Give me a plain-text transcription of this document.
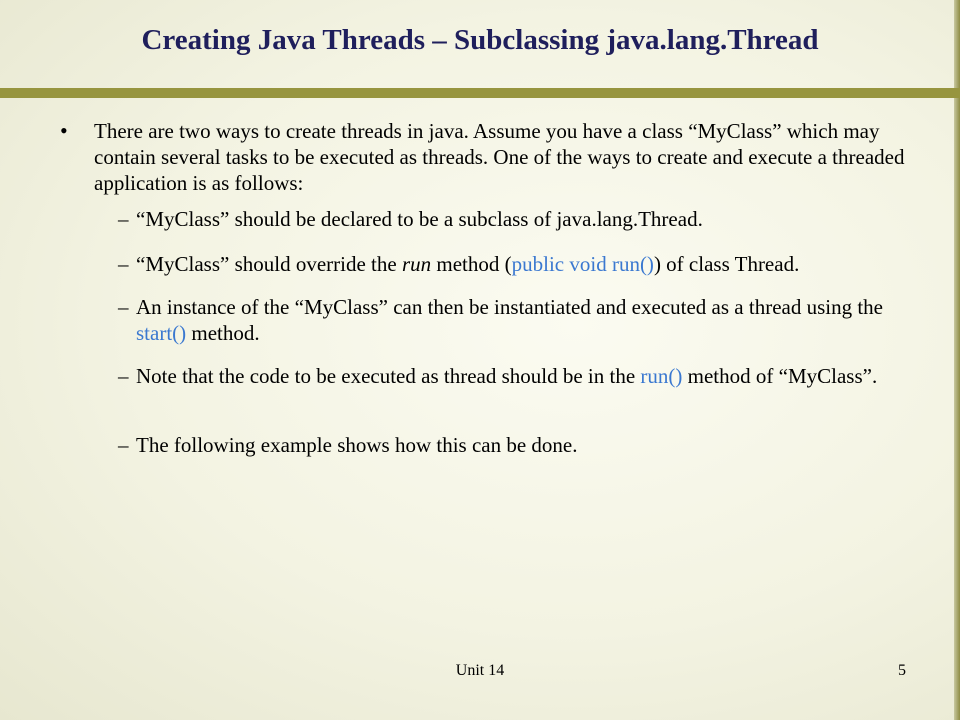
Creating Java Threads – Subclassing java.lang.Thread
•	There are two ways to create threads in java. Assume you have a class “MyClass” which may contain several tasks to be executed as threads. One of the ways to create and execute a threaded application is as follows:

– “MyClass” should be declared to be a subclass of java.lang.Thread.
– “MyClass” should override the run method (public void run()) of class Thread.
– An instance of the “MyClass” can then be instantiated and executed as a thread using the start() method.
– Note that the code to be executed as thread should be in the run() method of “MyClass”.
– The following example shows how this can be done.
Unit 14	5
